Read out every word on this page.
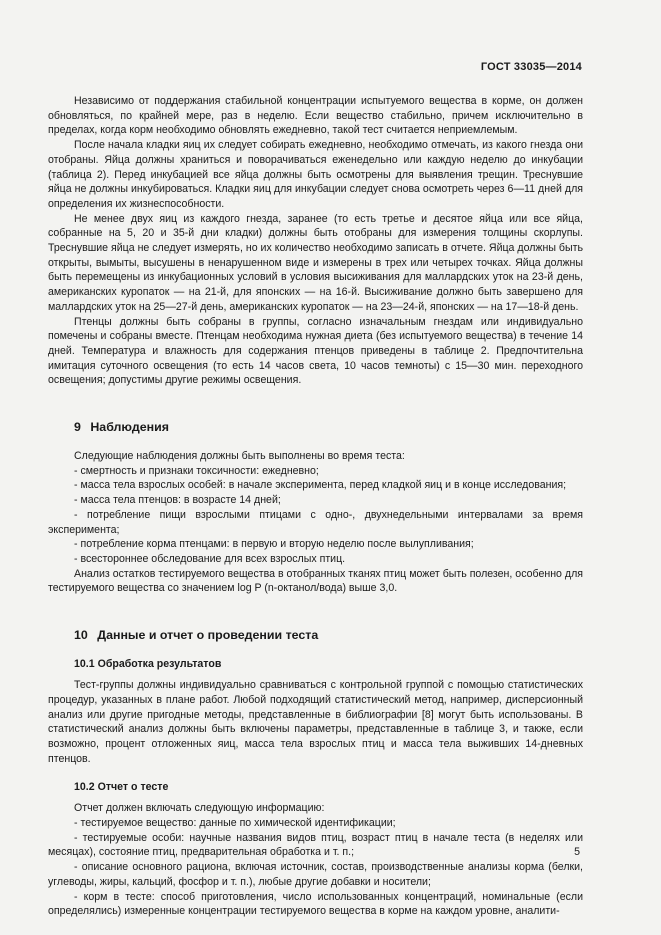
ГОСТ 33035—2014

Независимо от поддержания стабильной концентрации испытуемого вещества в корме, он должен обновляться, по крайней мере, раз в неделю. Если вещество стабильно, причем исключительно в пределах, когда корм необходимо обновлять ежедневно, такой тест считается неприемлемым.

После начала кладки яиц их следует собирать ежедневно, необходимо отмечать, из какого гнезда они отобраны. Яйца должны храниться и поворачиваться еженедельно или каждую неделю до инкубации (таблица 2). Перед инкубацией все яйца должны быть осмотрены для выявления трещин. Треснувшие яйца не должны инкубироваться. Кладки яиц для инкубации следует снова осмотреть через 6—11 дней для определения их жизнеспособности.

Не менее двух яиц из каждого гнезда, заранее (то есть третье и десятое яйца или все яйца, собранные на 5, 20 и 35-й дни кладки) должны быть отобраны для измерения толщины скорлупы. Треснувшие яйца не следует измерять, но их количество необходимо записать в отчете. Яйца должны быть открыты, вымыты, высушены в ненарушенном виде и измерены в трех или четырех точках. Яйца должны быть перемещены из инкубационных условий в условия высиживания для маллардских уток на 23-й день, американских куропаток — на 21-й, для японских — на 16-й. Высиживание должно быть завершено для маллардских уток на 25—27-й день, американских куропаток — на 23—24-й, японских — на 17—18-й день.

Птенцы должны быть собраны в группы, согласно изначальным гнездам или индивидуально помечены и собраны вместе. Птенцам необходима нужная диета (без испытуемого вещества) в течение 14 дней. Температура и влажность для содержания птенцов приведены в таблице 2. Предпочтительна имитация суточного освещения (то есть 14 часов света, 10 часов темноты) с 15—30 мин. переходного освещения; допустимы другие режимы освещения.

9 Наблюдения

Следующие наблюдения должны быть выполнены во время теста:

- смертность и признаки токсичности: ежедневно;

- масса тела взрослых особей: в начале эксперимента, перед кладкой яиц и в конце исследования;

- масса тела птенцов: в возрасте 14 дней;

- потребление пищи взрослыми птицами с одно-, двухнедельными интервалами за время эксперимента;

- потребление корма птенцами: в первую и вторую неделю после вылупливания;

- всестороннее обследование для всех взрослых птиц.

Анализ остатков тестируемого вещества в отобранных тканях птиц может быть полезен, особенно для тестируемого вещества со значением log P (n-октанол/вода) выше 3,0.

10 Данные и отчет о проведении теста
10.1 Обработка результатов

Тест-группы должны индивидуально сравниваться с контрольной группой с помощью статистических процедур, указанных в плане работ. Любой подходящий статистический метод, например, дисперсионный анализ или другие пригодные методы, представленные в библиографии [8] могут быть использованы. В статистический анализ должны быть включены параметры, представленные в таблице 3, и также, если возможно, процент отложенных яиц, масса тела взрослых птиц и масса тела выживших 14-дневных птенцов.

10.2 Отчет о тесте

Отчет должен включать следующую информацию:

- тестируемое вещество: данные по химической идентификации;

- тестируемые особи: научные названия видов птиц, возраст птиц в начале теста (в неделях или месяцах), состояние птиц, предварительная обработка и т. п.;

- описание основного рациона, включая источник, состав, производственные анализы корма (белки, углеводы, жиры, кальций, фосфор и т. п.), любые другие добавки и носители;

- корм в тесте: способ приготовления, число использованных концентраций, номинальные (если определялись) измеренные концентрации тестируемого вещества в корме на каждом уровне, аналити-

5
